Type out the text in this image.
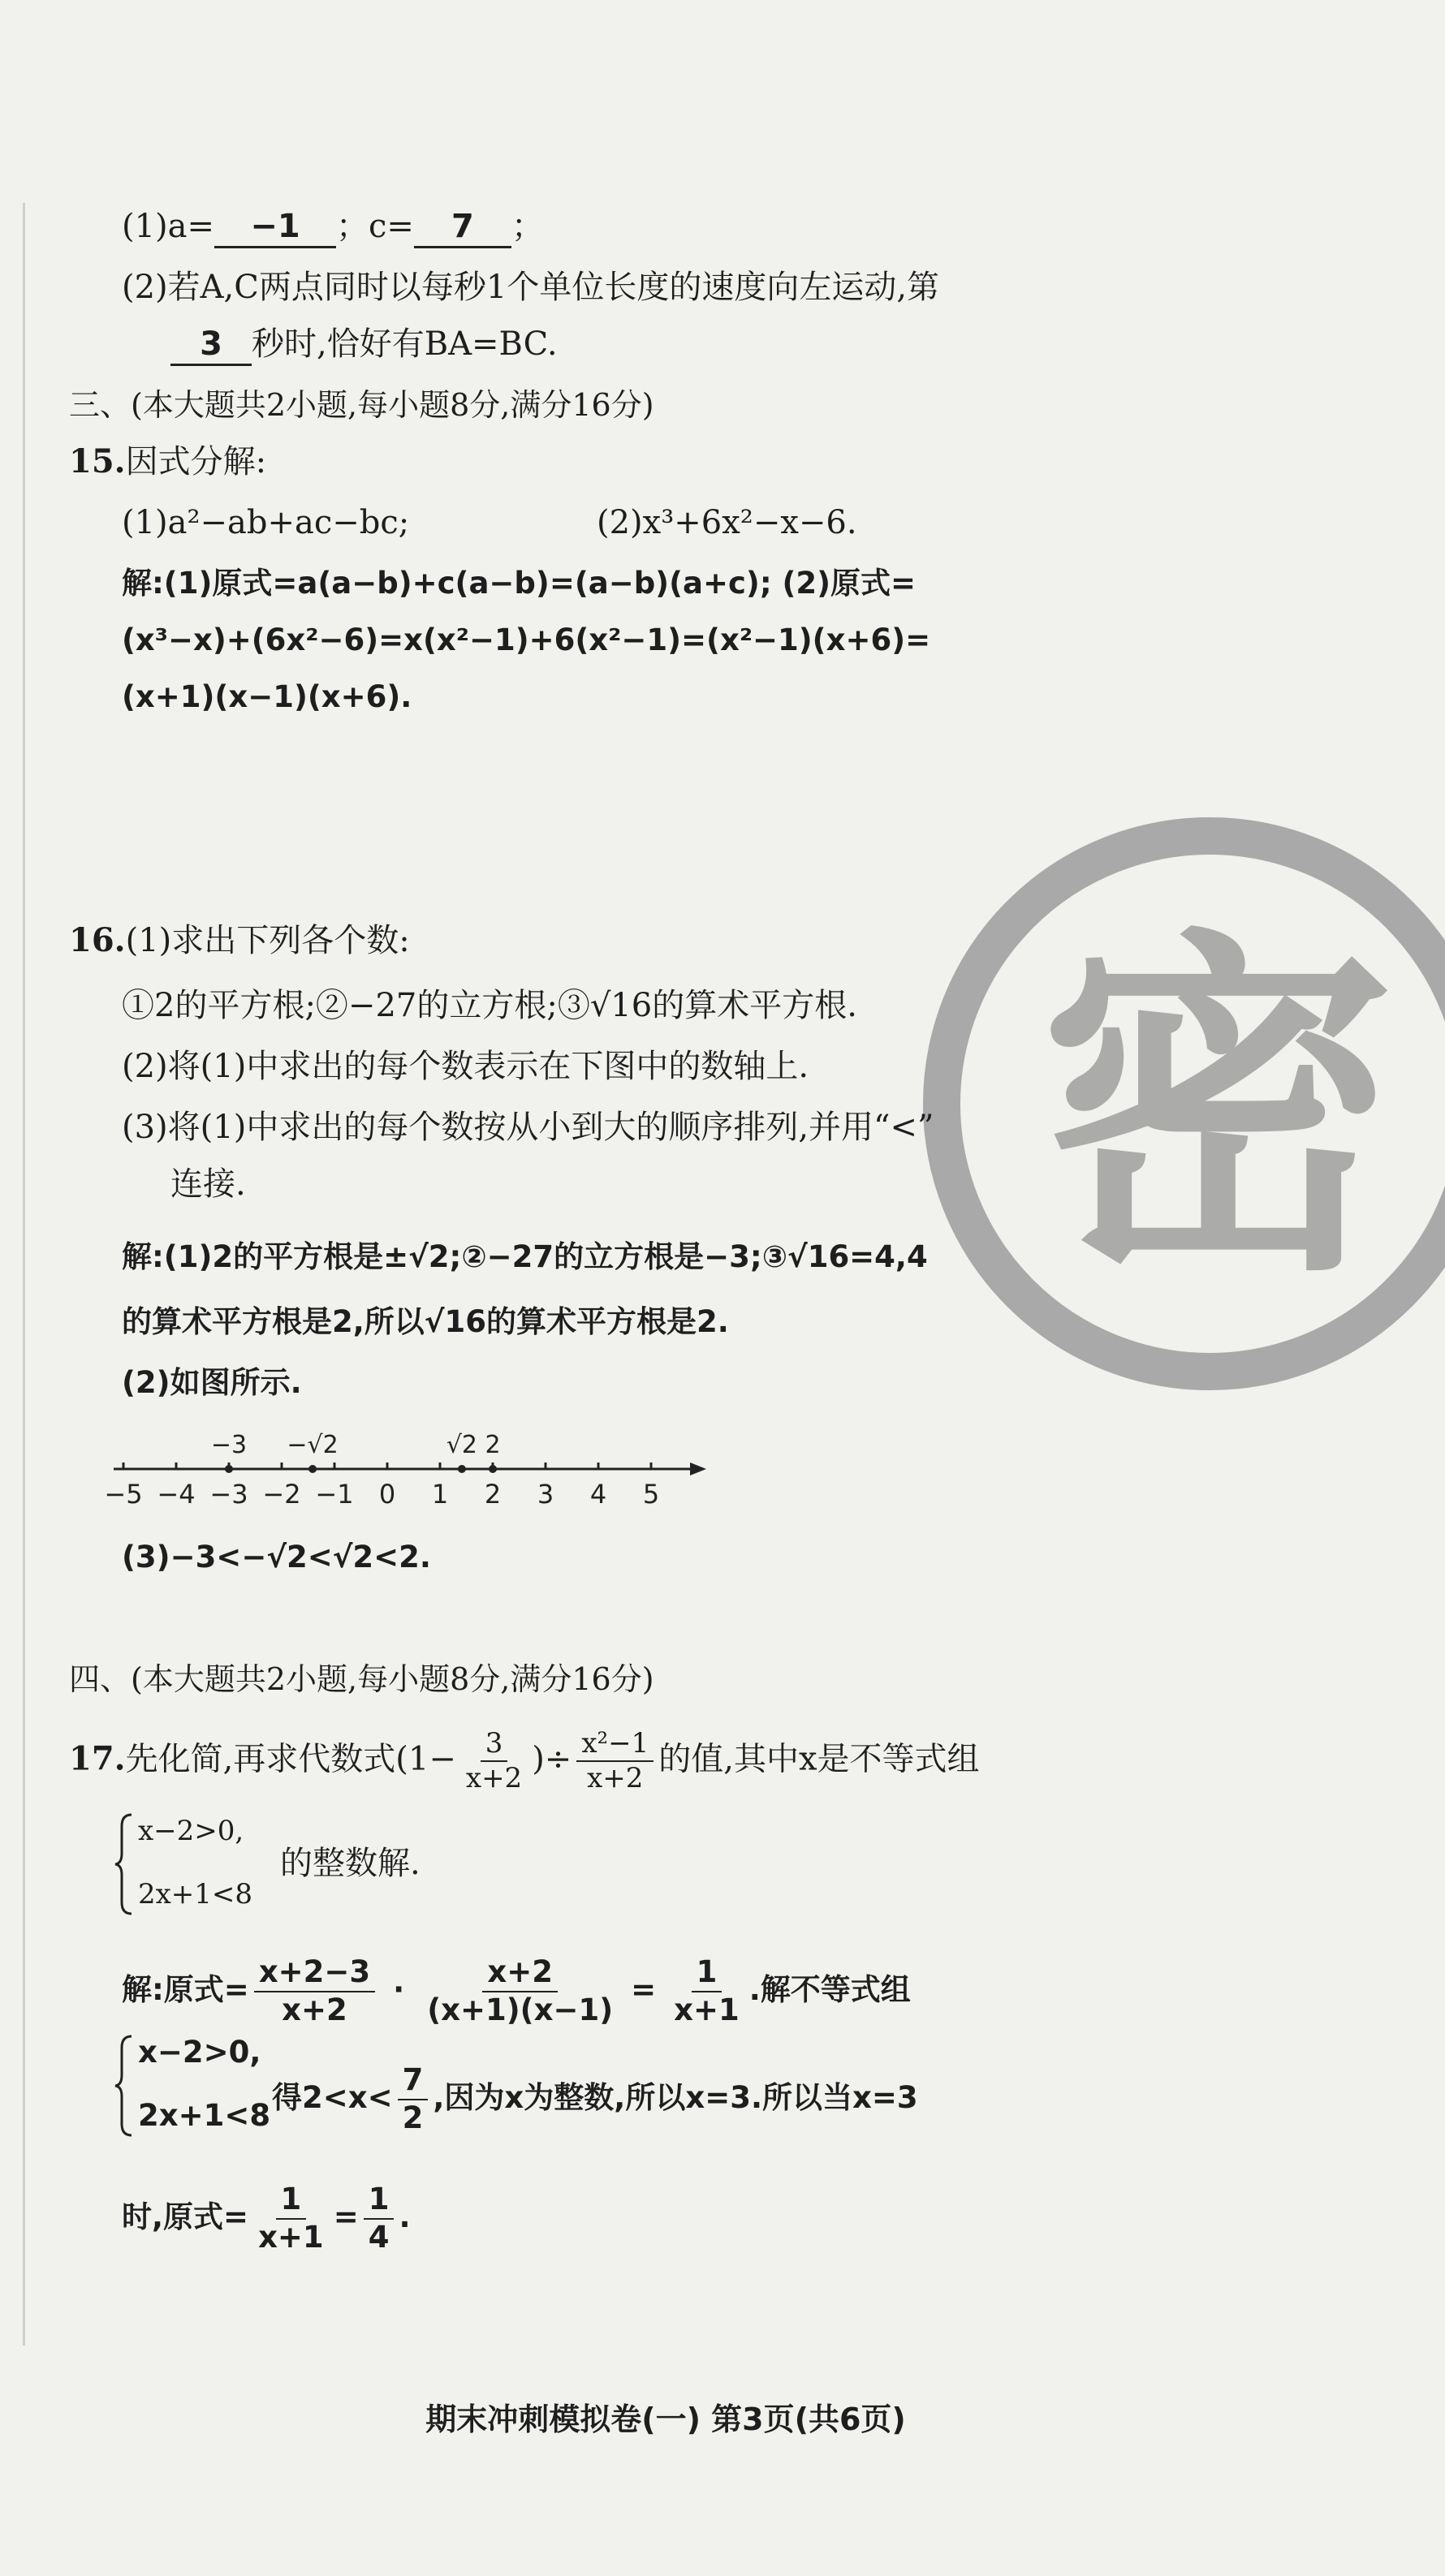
密
(1)a= −1 ；c= 7 ；
(2)若A,C两点同时以每秒1个单位长度的速度向左运动,第
3 秒时,恰好有BA=BC.
三、(本大题共2小题,每小题8分,满分16分)
15.因式分解:
(1)a²−ab+ac−bc;	(2)x³+6x²−x−6.
解:(1)原式=a(a−b)+c(a−b)=(a−b)(a+c); (2)原式=
(x³−x)+(6x²−6)=x(x²−1)+6(x²−1)=(x²−1)(x+6)=
(x+1)(x−1)(x+6).
16.(1)求出下列各个数:
①2的平方根;②−27的立方根;③√16的算术平方根.
(2)将(1)中求出的每个数表示在下图中的数轴上.
(3)将(1)中求出的每个数按从小到大的顺序排列,并用“<”
连接.
解:(1)2的平方根是±√2;②−27的立方根是−3;③√16=4,4
的算术平方根是2,所以√16的算术平方根是2.
(2)如图所示.
−5 −4 −3 −2 −1 0 1 2 3 4 5
−3 −√2	√2 2
(3)−3<−√2<√2<2.
四、(本大题共2小题,每小题8分,满分16分)
17.先化简,再求代数式($1- \frac{3}{x+2}$ )÷ $\frac{\text{x²−1}}{x+2}$ 的值,其中x是不等式组
x−2>0,
2x+1<8
的整数解.
解:原式= $\frac{x+2-3}{x+2} \cdot \frac{x+2}{(x+1)(x-1)} = \frac{1}{x+1}$ .解不等式组
x−2>0,
2x+1<8
得$2<x< \frac{7}{2}$ ,因为x为整数,所以x=3.所以当x=3
时,原式= $\frac{1}{x+1} = \frac{1}{4}$ .
期末冲刺模拟卷(一) 第3页(共6页)
